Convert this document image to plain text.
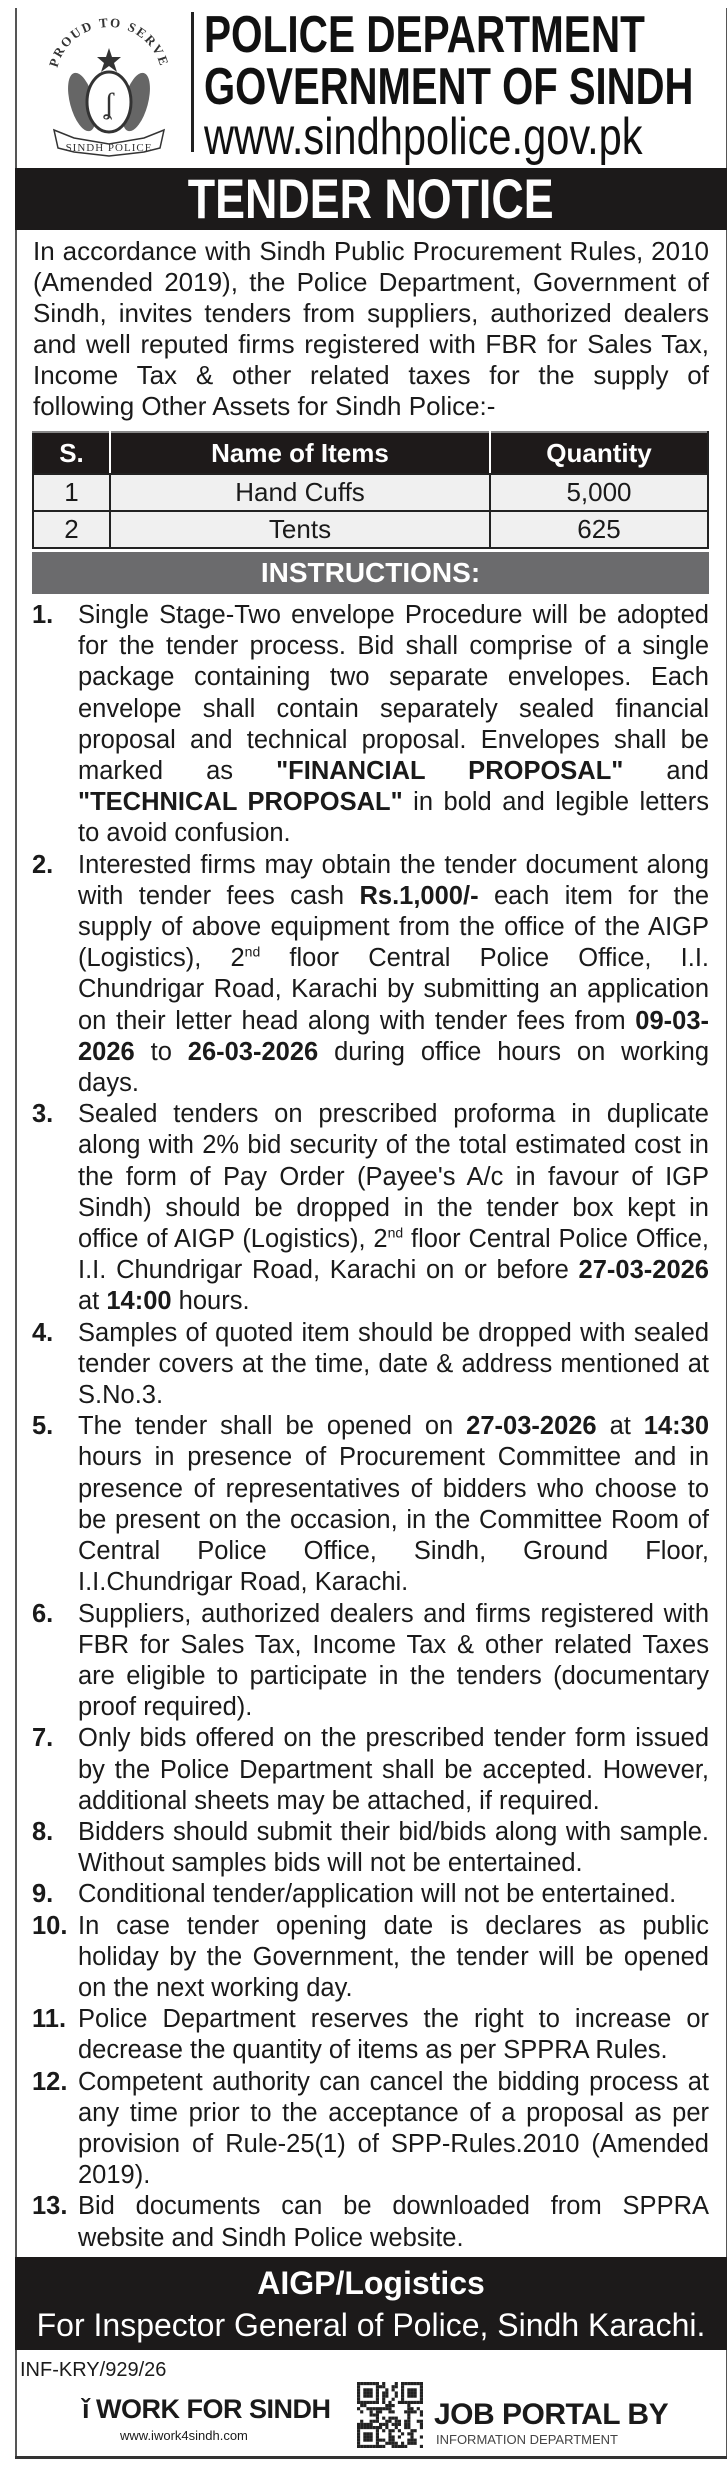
PROUD TO SERVE
ʆ
SINDH POLICE
POLICE DEPARTMENT
GOVERNMENT OF SINDH
www.sindhpolice.gov.pk
TENDER NOTICE
In accordance with Sindh Public Procurement Rules, 2010 (Amended 2019), the Police Department, Government of Sindh, invites tenders from suppliers, authorized dealers and well reputed firms registered with FBR for Sales Tax, Income Tax & other related taxes for the supply of following Other Assets for Sindh Police:-
S.	Name of Items	Quantity
1	Hand Cuffs	5,000
2	Tents	625
INSTRUCTIONS:
1. Single Stage-Two envelope Procedure will be adopted for the tender process. Bid shall comprise of a single package containing two separate envelopes. Each envelope shall contain separately sealed financial proposal and technical proposal. Envelopes shall be marked as "FINANCIAL PROPOSAL" and "TECHNICAL PROPOSAL" in bold and legible letters to avoid confusion.
2. Interested firms may obtain the tender document along with tender fees cash Rs.1,000/- each item for the supply of above equipment from the office of the AIGP (Logistics), 2nd floor Central Police Office, I.I. Chundrigar Road, Karachi by submitting an application on their letter head along with tender fees from 09-03-2026 to 26-03-2026 during office hours on working days.
3. Sealed tenders on prescribed proforma in duplicate along with 2% bid security of the total estimated cost in the form of Pay Order (Payee's A/c in favour of IGP Sindh) should be dropped in the tender box kept in office of AIGP (Logistics), 2nd floor Central Police Office, I.I. Chundrigar Road, Karachi on or before 27-03-2026 at 14:00 hours.
4. Samples of quoted item should be dropped with sealed tender covers at the time, date & address mentioned at S.No.3.
5. The tender shall be opened on 27-03-2026 at 14:30 hours in presence of Procurement Committee and in presence of representatives of bidders who choose to be present on the occasion, in the Committee Room of Central Police Office, Sindh, Ground Floor, I.I.Chundrigar Road, Karachi.
6. Suppliers, authorized dealers and firms registered with FBR for Sales Tax, Income Tax & other related Taxes are eligible to participate in the tenders (documentary proof required).
7. Only bids offered on the prescribed tender form issued by the Police Department shall be accepted. However, additional sheets may be attached, if required.
8. Bidders should submit their bid/bids along with sample. Without samples bids will not be entertained.
9. Conditional tender/application will not be entertained.
10. In case tender opening date is declares as public holiday by the Government, the tender will be opened on the next working day.
11. Police Department reserves the right to increase or decrease the quantity of items as per SPPRA Rules.
12. Competent authority can cancel the bidding process at any time prior to the acceptance of a proposal as per provision of Rule-25(1) of SPP-Rules.2010 (Amended 2019).
13. Bid documents can be downloaded from SPPRA website and Sindh Police website.
AIGP/Logistics
For Inspector General of Police, Sindh Karachi.
INF-KRY/929/26
ǐ WORK FOR SINDH
www.iwork4sindh.com
JOB PORTAL BY
INFORMATION DEPARTMENT
